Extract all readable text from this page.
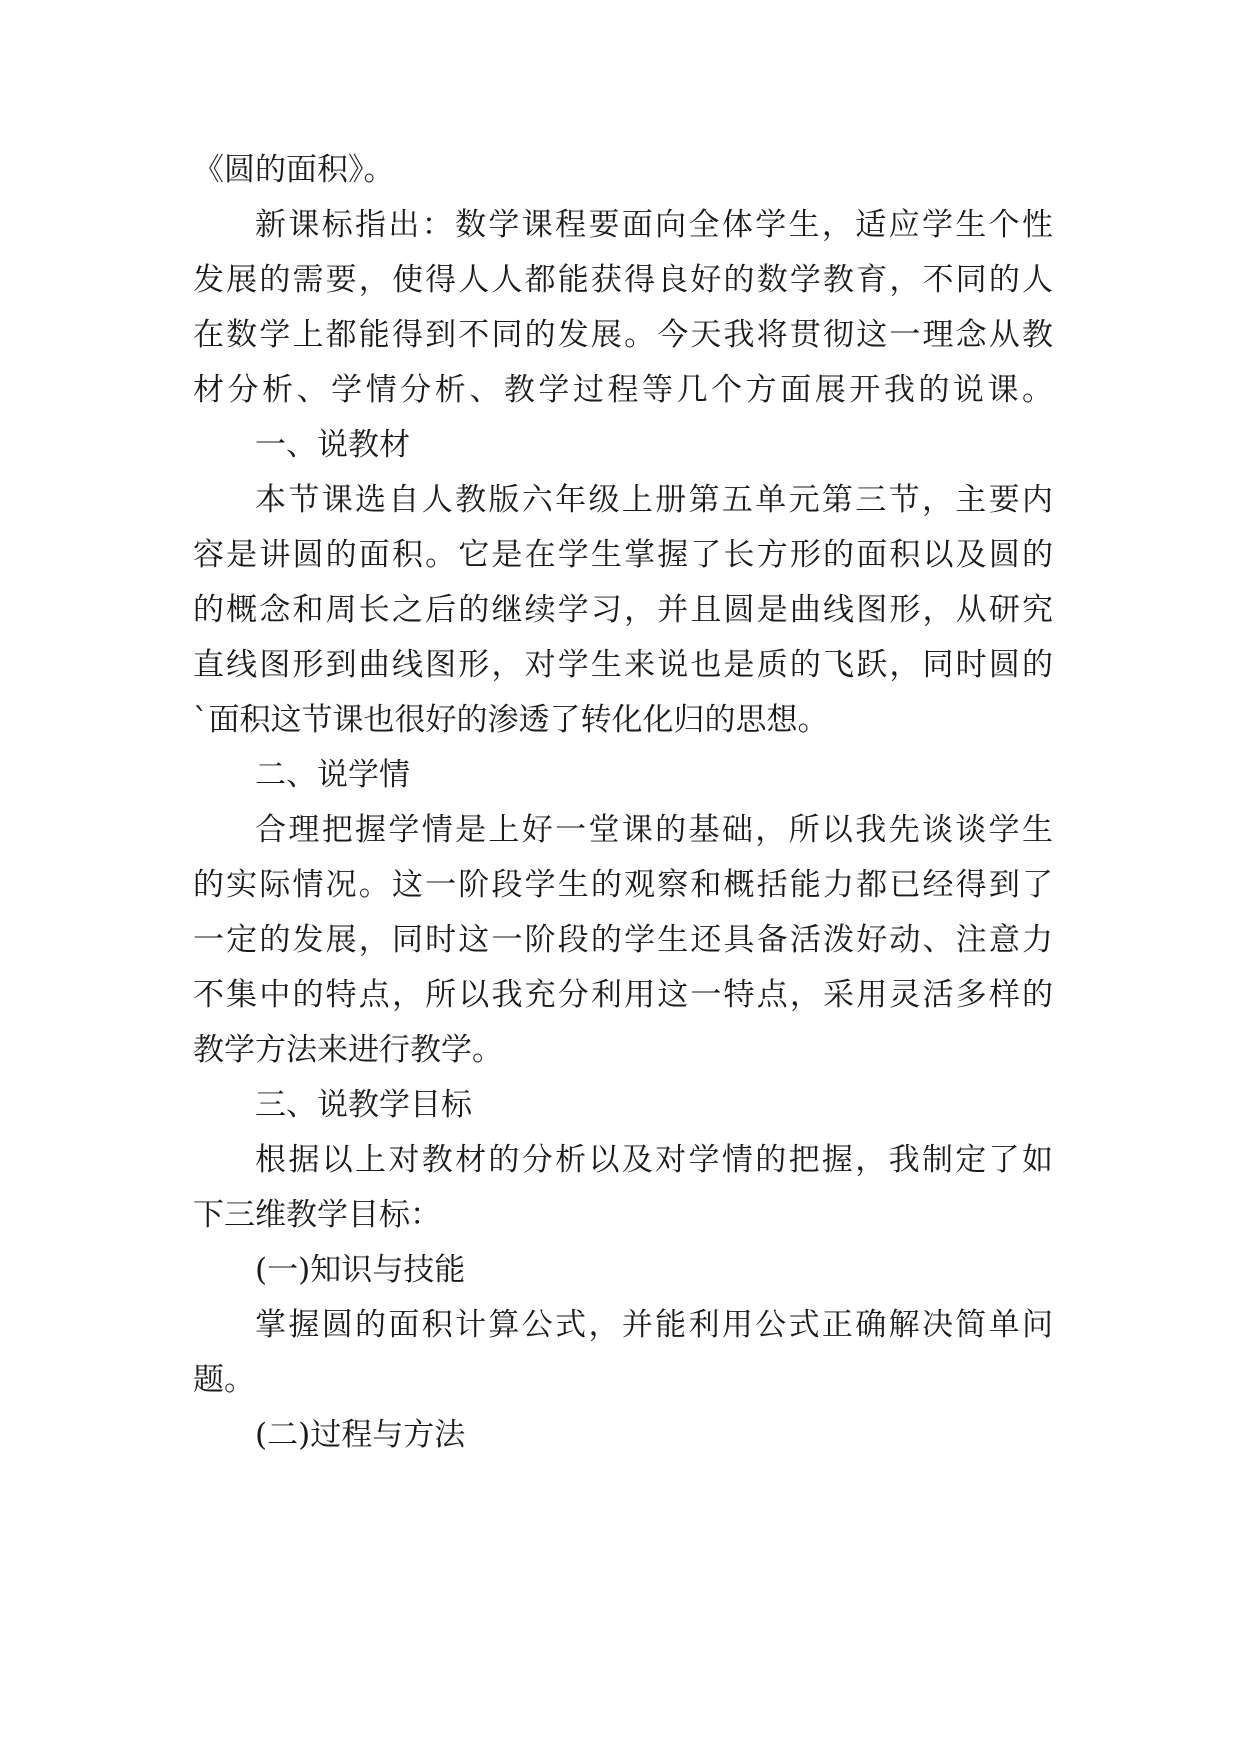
《圆的面积》。
新课标指出：数学课程要面向全体学生，适应学生个性
发展的需要，使得人人都能获得良好的数学教育，不同的人
在数学上都能得到不同的发展。今天我将贯彻这一理念从教
材分析、学情分析、教学过程等几个方面展开我的说课。
一、说教材
本节课选自人教版六年级上册第五单元第三节，主要内
容是讲圆的面积。它是在学生掌握了长方形的面积以及圆的
的概念和周长之后的继续学习，并且圆是曲线图形，从研究
直线图形到曲线图形，对学生来说也是质的飞跃，同时圆的
`面积这节课也很好的渗透了转化化归的思想。
二、说学情
合理把握学情是上好一堂课的基础，所以我先谈谈学生
的实际情况。这一阶段学生的观察和概括能力都已经得到了
一定的发展，同时这一阶段的学生还具备活泼好动、注意力
不集中的特点，所以我充分利用这一特点，采用灵活多样的
教学方法来进行教学。
三、说教学目标
根据以上对教材的分析以及对学情的把握，我制定了如
下三维教学目标：
(一)知识与技能
掌握圆的面积计算公式，并能利用公式正确解决简单问
题。
(二)过程与方法
